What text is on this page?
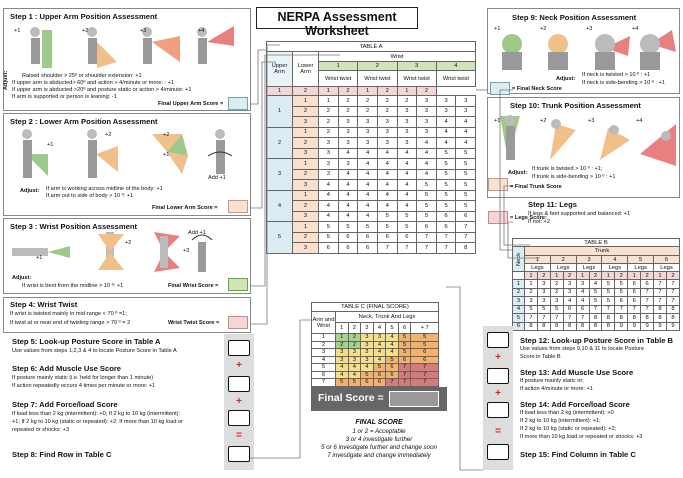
NERPA Assessment Worksheet
Step 1 : Upper Arm Position Assessment
+1	+2	+3	+4
Adjust: Raised shoulder > 25º or shoulder extension: +1
If upper arm is abducted> 60º and action > 4/minute or more: : +1
If upper arm is abducted >20º and posture static or action > 4/minute: +1
If arm is supported or person is leaning: -1
Final Upper Arm Score =
Step 2 : Lower Arm Position Assessment
+1
+2	+2
+1
Add +1
Adjust: If arm is working across midline of the body: +1
If arm out to side of body > 10 º: +1
Final Lower Arm Score =
Step 3 : Wrist Position Assessment
+1
+2
+3
Add +1
Adjust:
If wrist is bent from the midline > 10 º: +1	Final Wrist Score =
Step 4: Wrist Twist
If wrist is twisted mainly in mid-range < 70 º =1;
If twist at or near end of twisting range > 70 º = 2	Wrist Twist Score =
Step 5: Look-up Posture Score in Table A
Use values from steps 1,2,3 & 4 to locate Posture Score in Table A
Step 6: Add Muscle Use Score
If posture mainly static (i.e. held for longer than 1 minute)
If action repeatedly occurs 4 times per minute or more: +1
Step 7: Add Force/load Score
If load less than 2 kg (intermittent): +0; If 2 kg to 10 kg (intermittent):
+1; If 2 kg to 10 kg (static or repeated): +2; If more than 10 kg load or
repeated or shocks: +3
Step 8: Find Row in Table C
+
+
=
TABLE A									
Upper Arm	Lower Arm	Wrist							
		1		2		3		4	
		Wrist twist		Wrist twist		Wrist twist		Wrist twist	
1	2	1	2	1	2	1	2		
1	1	1	2	2	2	2	3	3	3
	2	2	2	2	2	3	3	3	3
	3	2	3	3	3	3	3	4	4
2	1	2	3	3	3	3	3	4	4
	2	3	3	3	3	3	4	4	4
	3	3	4	4	4	4	4	5	5
3	1	3	3	4	4	4	4	5	5
	2	3	4	4	4	4	4	5	5
	3	4	4	4	4	4	5	5	5
4	1	4	4	4	4	4	5	5	5
	2	4	4	4	4	4	5	5	5
	3	4	4	4	5	5	5	6	6
5	1	5	5	5	5	5	6	6	7
	2	5	6	6	6	6	7	7	7
	3	6	6	6	7	7	7	7	8
TABLE C (FINAL SCORE)							
Arm and Wrist	Neck, Trunk And Legs						
	1	2	3	4	5	6	+ 7
1	1	2	3	3	4	5	5
2	2	2	3	4	4	5	5
3	3	3	3	4	4	5	6
4	3	3	3	4	5	6	6
5	4	4	4	5	6	7	7
6	4	4	5	6	6	7	7
7	5	5	6	6	7	7	7

Final Score =
FINAL SCORE
1 or 2 = Acceptable
3 or 4 investigate further
5 or 6 investigate further and change soon
7 investigate and change immediately
Step 9: Neck Position Assessment
+1	+2	+3	+4
Adjust:
If neck is twisted > 10 º : +1
If neck is side-bending > 10 º : +1
= Final Neck Score
Step 10: Trunk Position Assessment
+1	+2	+3	+4
Adjust:
If trunk is twisted > 10 º : +1;
If trunk is side-bending > 10 º : +1
= Final Trunk Score
Step 11: Legs
If legs & feet supported and balanced: +1
If not: +2
= Legs Score:
TABLE B												
Neck	Trunk											
	1		2		3		4		5		6	
	Legs		Legs		Legs		Legs		Legs		Legs	
	1	2	1	2	1	2	1	2	1	2	1	2
1	1	3	2	3	3	4	5	5	6	6	7	7
2	2	3	2	3	4	5	5	5	6	7	7	7
3	3	3	3	4	4	5	5	6	6	7	7	7
4	5	5	5	6	6	7	7	7	7	7	8	8
5	7	7	7	7	7	8	8	8	8	8	8	8
6	8	8	8	8	8	8	8	9	9	9	9	9
Step 12: Look-up Posture Score in Table B
Use values from steps 9,10 & 11 to locate Posture
Score in Table B
Step 13: Add Muscle Use Score
If posture mainly static or;
If action 4/minute or more: +1
Step 14: Add Force/load Score
If load less than 2 kg (intermittent): +0
If 2 kg to 10 kg (intermittent): +1;
If 2 kg to 10 kg (static or repeated): +2;
If more than 10 kg load or repeated or shocks: +3
Step 15: Find Column in Table C
+
+
=
